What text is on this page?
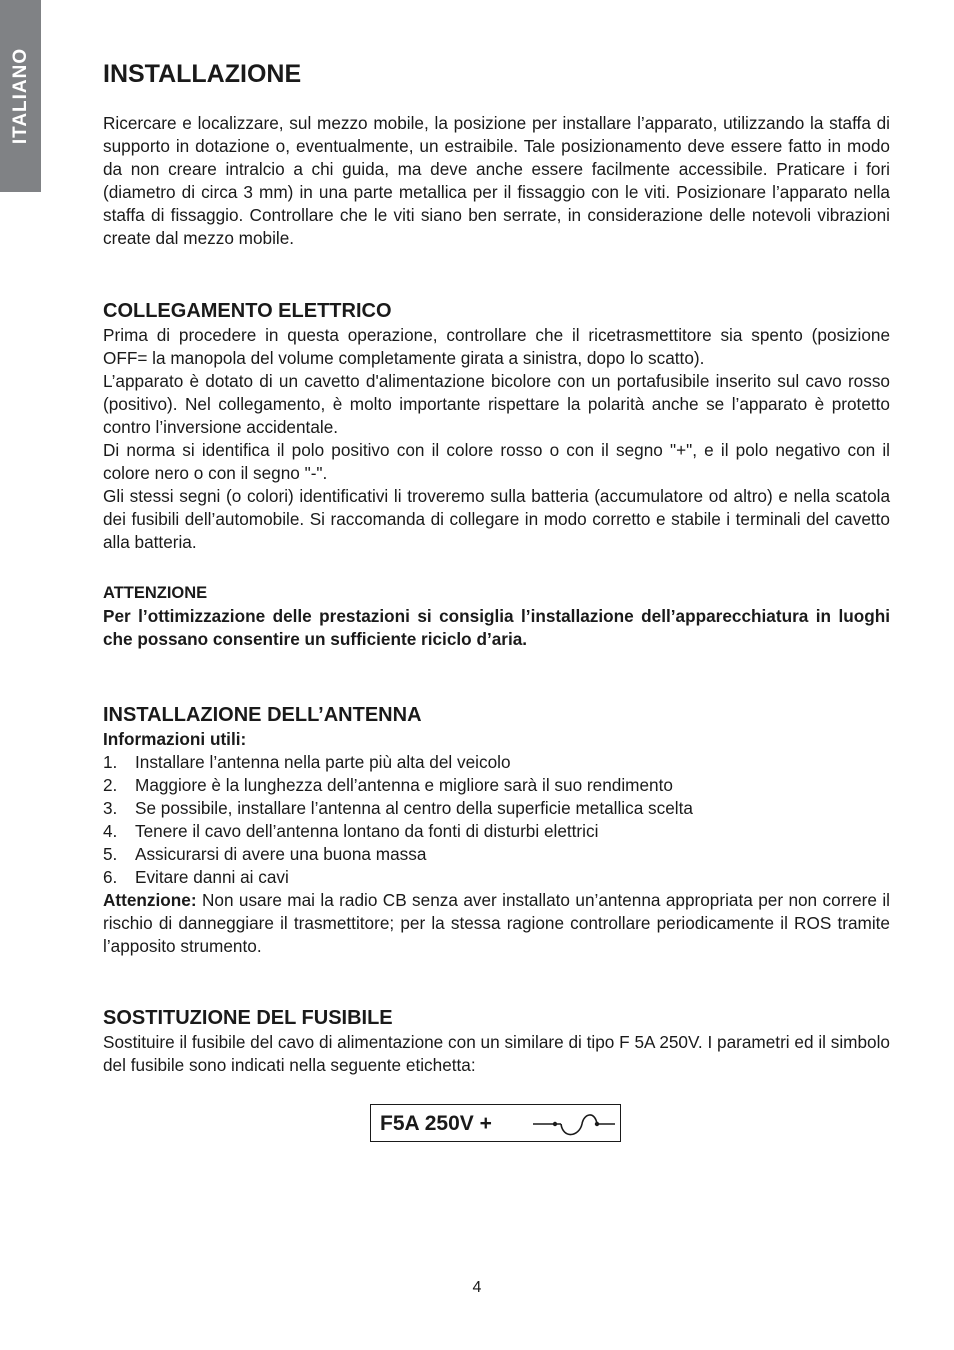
ITALIANO	INSTALLAZIONE

Ricercare e localizzare, sul mezzo mobile, la posizione per installare l’apparato, utilizzando la staffa di supporto in dotazione o, eventualmente, un estraibile. Tale posizionamento deve essere fatto in modo da non creare intralcio a chi guida, ma deve anche essere facilmente accessibile. Praticare i fori (diametro di circa 3 mm) in una parte metallica per il fissaggio con le viti. Posizionare l’apparato nella staffa di fissaggio. Controllare che le viti siano ben serrate, in considerazione delle notevoli vibrazioni create dal mezzo mobile.

COLLEGAMENTO ELETTRICO

Prima di procedere in questa operazione, controllare che il ricetrasmettitore sia spento (posizione OFF= la manopola del volume completamente girata a sinistra, dopo lo scatto).

L’apparato è dotato di un cavetto d'alimentazione bicolore con un portafusibile inserito sul cavo rosso (positivo). Nel collegamento, è molto importante rispettare la polarità anche se l’apparato è protetto contro l’inversione accidentale.

Di norma si identifica il polo positivo con il colore rosso o con il segno "+", e il polo negativo con il colore nero o con il segno "-".

Gli stessi segni (o colori) identificativi li troveremo sulla batteria (accumulatore od altro) e nella scatola dei fusibili dell’automobile. Si raccomanda di collegare in modo corretto e stabile i terminali del cavetto alla batteria.

ATTENZIONE

Per l’ottimizzazione delle prestazioni si consiglia l’installazione dell’apparecchiatura in luoghi che possano consentire un sufficiente riciclo d’aria.

INSTALLAZIONE DELL’ANTENNA
Informazioni utili:
1. Installare l’antenna nella parte più alta del veicolo
2. Maggiore è la lunghezza dell’antenna e migliore sarà il suo rendimento
3. Se possibile, installare l’antenna al centro della superficie metallica scelta
4. Tenere il cavo dell’antenna lontano da fonti di disturbi elettrici
5. Assicurarsi di avere una buona massa
6. Evitare danni ai cavi

Attenzione: Non usare mai la radio CB senza aver installato un’antenna appropriata per non correre il rischio di danneggiare il trasmettitore; per la stessa ragione controllare periodicamente il ROS tramite l’apposito strumento.

SOSTITUZIONE DEL FUSIBILE

Sostituire il fusibile del cavo di alimentazione con un similare di tipo F 5A 250V. I parametri ed il simbolo del fusibile sono indicati nella seguente etichetta:

F5A 250V +
4
